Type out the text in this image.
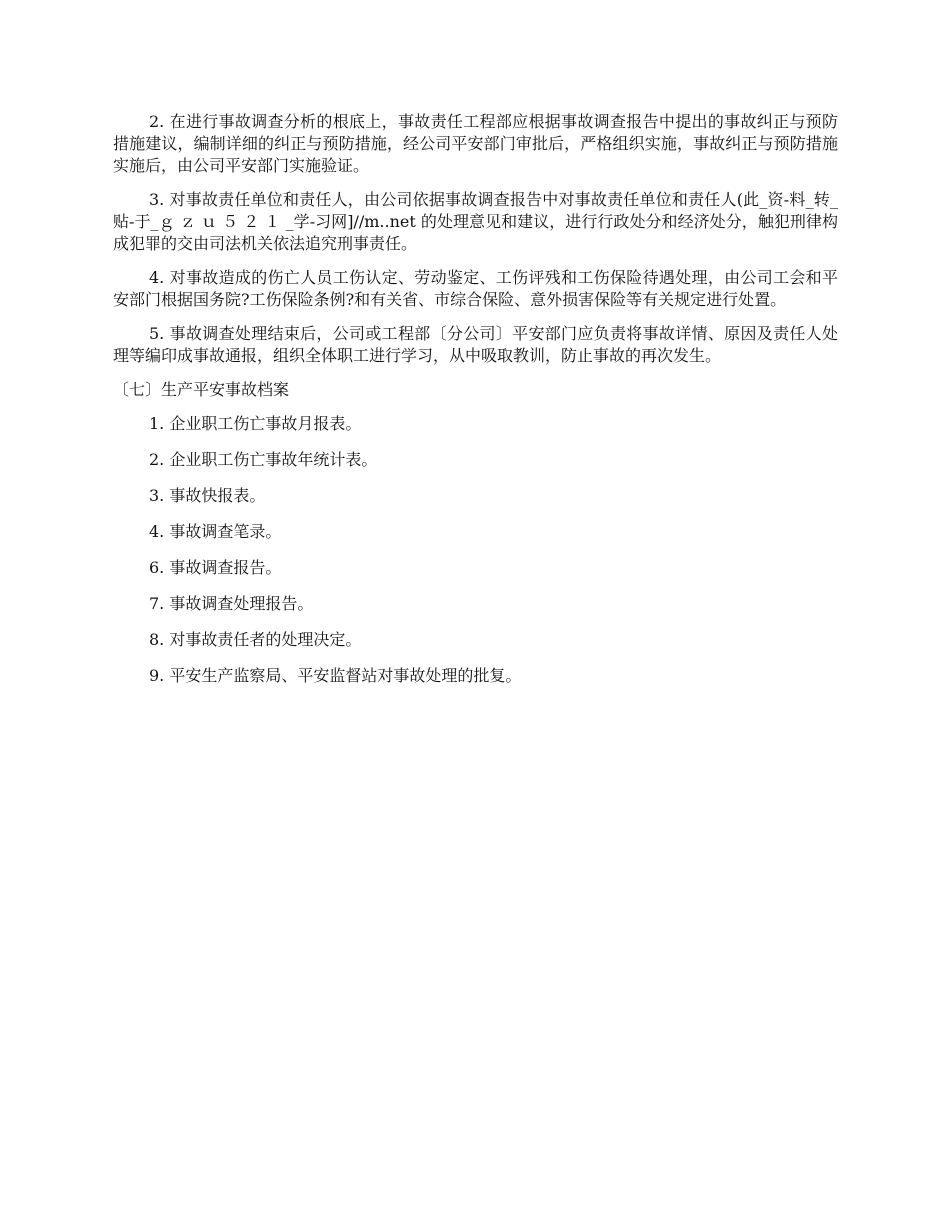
2. 在进行事故调查分析的根底上，事故责任工程部应根据事故调查报告中提出的事故纠正与预防措施建议，编制详细的纠正与预防措施，经公司平安部门审批后，严格组织实施，事故纠正与预防措施实施后，由公司平安部门实施验证。

3. 对事故责任单位和责任人，由公司依据事故调查报告中对事故责任单位和责任人(此_资-料_转_贴-于_ｇ ｚ ｕ ５ ２ １ _学-习网]//m..net 的处理意见和建议，进行行政处分和经济处分，触犯刑律构成犯罪的交由司法机关依法追究刑事责任。

4. 对事故造成的伤亡人员工伤认定、劳动鉴定、工伤评残和工伤保险待遇处理，由公司工会和平安部门根据国务院?工伤保险条例?和有关省、市综合保险、意外损害保险等有关规定进行处置。

5. 事故调查处理结束后，公司或工程部〔分公司〕平安部门应负责将事故详情、原因及责任人处理等编印成事故通报，组织全体职工进行学习，从中吸取教训，防止事故的再次发生。

〔七〕生产平安事故档案

1. 企业职工伤亡事故月报表。

2. 企业职工伤亡事故年统计表。

3. 事故快报表。

4. 事故调查笔录。

6. 事故调查报告。

7. 事故调查处理报告。

8. 对事故责任者的处理决定。

9. 平安生产监察局、平安监督站对事故处理的批复。
